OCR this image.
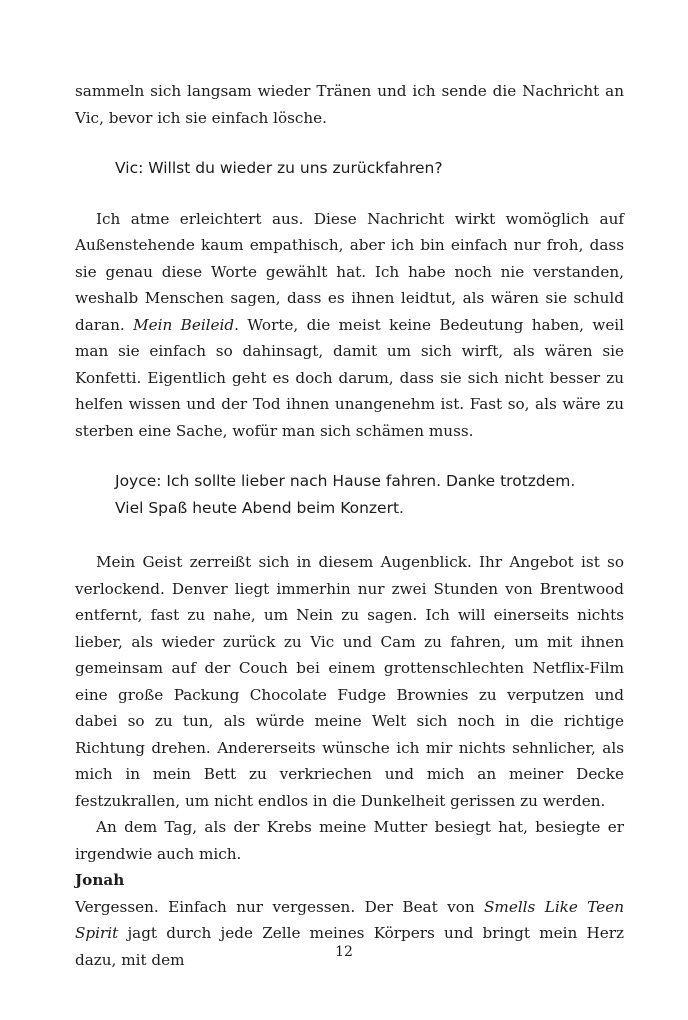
sammeln sich langsam wieder Tränen und ich sende die Nachricht an Vic, bevor ich sie einfach lösche.

Vic: Willst du wieder zu uns zurückfahren?

Ich atme erleichtert aus. Diese Nachricht wirkt womöglich auf Außenstehende kaum empathisch, aber ich bin einfach nur froh, dass sie genau diese Worte gewählt hat. Ich habe noch nie verstanden, weshalb Menschen sagen, dass es ihnen leidtut, als wären sie schuld daran. Mein Beileid. Worte, die meist keine Bedeutung haben, weil man sie einfach so dahinsagt, damit um sich wirft, als wären sie Konfetti. Eigentlich geht es doch darum, dass sie sich nicht besser zu helfen wissen und der Tod ihnen unangenehm ist. Fast so, als wäre zu sterben eine Sache, wofür man sich schämen muss.

Joyce: Ich sollte lieber nach Hause fahren. Danke trotzdem.

Viel Spaß heute Abend beim Konzert.

Mein Geist zerreißt sich in diesem Augenblick. Ihr Angebot ist so verlockend. Denver liegt immerhin nur zwei Stunden von Brentwood entfernt, fast zu nahe, um Nein zu sagen. Ich will einerseits nichts lieber, als wieder zurück zu Vic und Cam zu fahren, um mit ihnen gemeinsam auf der Couch bei einem grottenschlechten Netflix-Film eine große Packung Chocolate Fudge Brownies zu verputzen und dabei so zu tun, als würde meine Welt sich noch in die richtige Richtung drehen. Andererseits wünsche ich mir nichts sehnlicher, als mich in mein Bett zu verkriechen und mich an meiner Decke festzukrallen, um nicht endlos in die Dunkelheit gerissen zu werden.

An dem Tag, als der Krebs meine Mutter besiegt hat, besiegte er irgendwie auch mich.

Jonah

Vergessen. Einfach nur vergessen. Der Beat von Smells Like Teen Spirit jagt durch jede Zelle meines Körpers und bringt mein Herz dazu, mit dem	12
